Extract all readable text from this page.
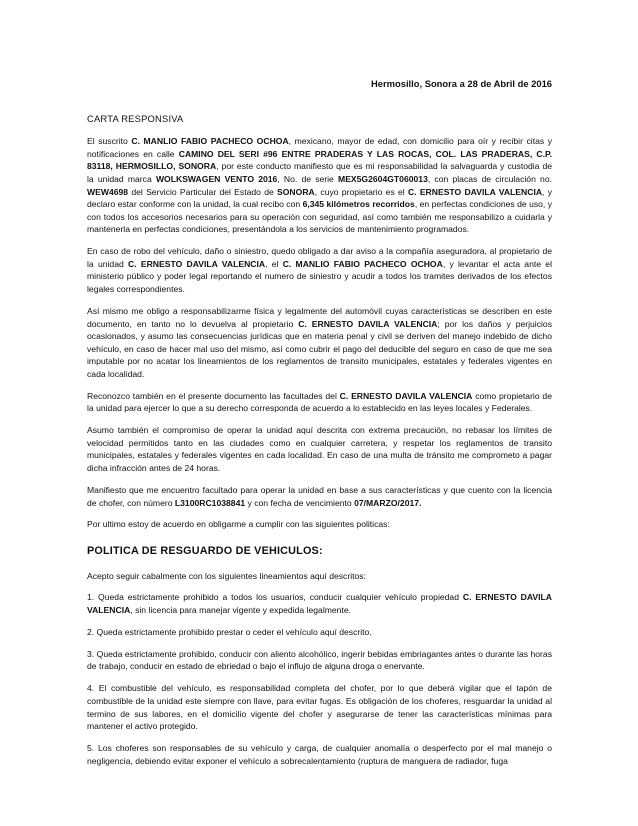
Hermosillo, Sonora a 28 de Abril de 2016
CARTA RESPONSIVA

El suscrito C. MANLIO FABIO PACHECO OCHOA, mexicano, mayor de edad, con domicilio para oír y recibir citas y notificaciones en calle CAMINO DEL SERI #96 ENTRE PRADERAS Y LAS ROCAS, COL. LAS PRADERAS, C.P. 83118, HERMOSILLO, SONORA, por este conducto manifiesto que es mi responsabilidad la salvaguarda y custodia de la unidad marca WOLKSWAGEN VENTO 2016, No. de serie MEX5G2604GT060013, con placas de circulación no. WEW4698 del Servicio Particular del Estado de SONORA, cuyo propietario es el C. ERNESTO DAVILA VALENCIA, y declaro estar conforme con la unidad, la cual recibo con 6,345 kilómetros recorridos, en perfectas condiciones de uso, y con todos los accesorios necesarios para su operación con seguridad, así como también me responsabilizo a cuidarla y mantenerla en perfectas condiciones, presentándola a los servicios de mantenimiento programados.

En caso de robo del vehículo, daño o siniestro, quedo obligado a dar aviso a la compañía aseguradora, al propietario de la unidad C. ERNESTO DAVILA VALENCIA, el C. MANLIO FABIO PACHECO OCHOA, y levantar el acta ante el ministerio público y poder legal reportando el numero de siniestro y acudir a todos los tramites derivados de los efectos legales correspondientes.

Así mismo me obligo a responsabilizarme física y legalmente del automóvil cuyas características se describen en este documento, en tanto no lo devuelva al propietario C. ERNESTO DAVILA VALENCIA; por los daños y perjuicios ocasionados, y asumo las consecuencias jurídicas que en materia penal y civil se deriven del manejo indebido de dicho vehículo, en caso de hacer mal uso del mismo, así como cubrir el pago del deducible del seguro en caso de que me sea imputable por no acatar los lineamientos de los reglamentos de transito municipales, estatales y federales vigentes en cada localidad.

Reconozco también en el presente documento las facultades del C. ERNESTO DAVILA VALENCIA como propietario de la unidad para ejercer lo que a su derecho corresponda de acuerdo a lo establecido en las leyes locales y Federales.

Asumo también el compromiso de operar la unidad aquí descrita con extrema precaución, no rebasar los límites de velocidad permitidos tanto en las ciudades como en cualquier carretera, y respetar los reglamentos de transito municipales, estatales y federales vigentes en cada localidad. En caso de una multa de tránsito me comprometo a pagar dicha infracción antes de 24 horas.

Manifiesto que me encuentro facultado para operar la unidad en base a sus características y que cuento con la licencia de chofer, con número L3100RC1038841 y con fecha de vencimiento 07/MARZO/2017.

Por ultimo estoy de acuerdo en obligarme a cumplir con las siguientes politicas:

POLITICA DE RESGUARDO DE VEHICULOS:

Acepto seguir cabalmente con los siguientes lineamientos aquí descritos:

1. Queda estrictamente prohibido a todos los usuarios, conducir cualquier vehículo propiedad C. ERNESTO DAVILA VALENCIA, sin licencia para manejar vigente y expedida legalmente.

2. Queda estrictamente prohibido prestar o ceder el vehículo aquí descrito.

3. Queda estrictamente prohibido, conducir con aliento alcohólico, ingerir bebidas embriagantes antes o durante las horas de trabajo, conducir en estado de ebriedad o bajo el influjo de alguna droga o enervante.

4. El combustible del vehículo, es responsabilidad completa del chofer, por lo que deberá vigilar que el tapón de combustible de la unidad este siempre con llave, para evitar fugas. Es obligación de los choferes, resguardar la unidad al termino de sus labores, en el domicilio vigente del chofer y asegurarse de tener las características mínimas para mantener el activo protegido.

5. Los choferes son responsables de su vehículo y carga, de cualquier anomalía o desperfecto por el mal manejo o negligencia, debiendo evitar exponer el vehículo a sobrecalentamiento (ruptura de manguera de radiador, fuga
